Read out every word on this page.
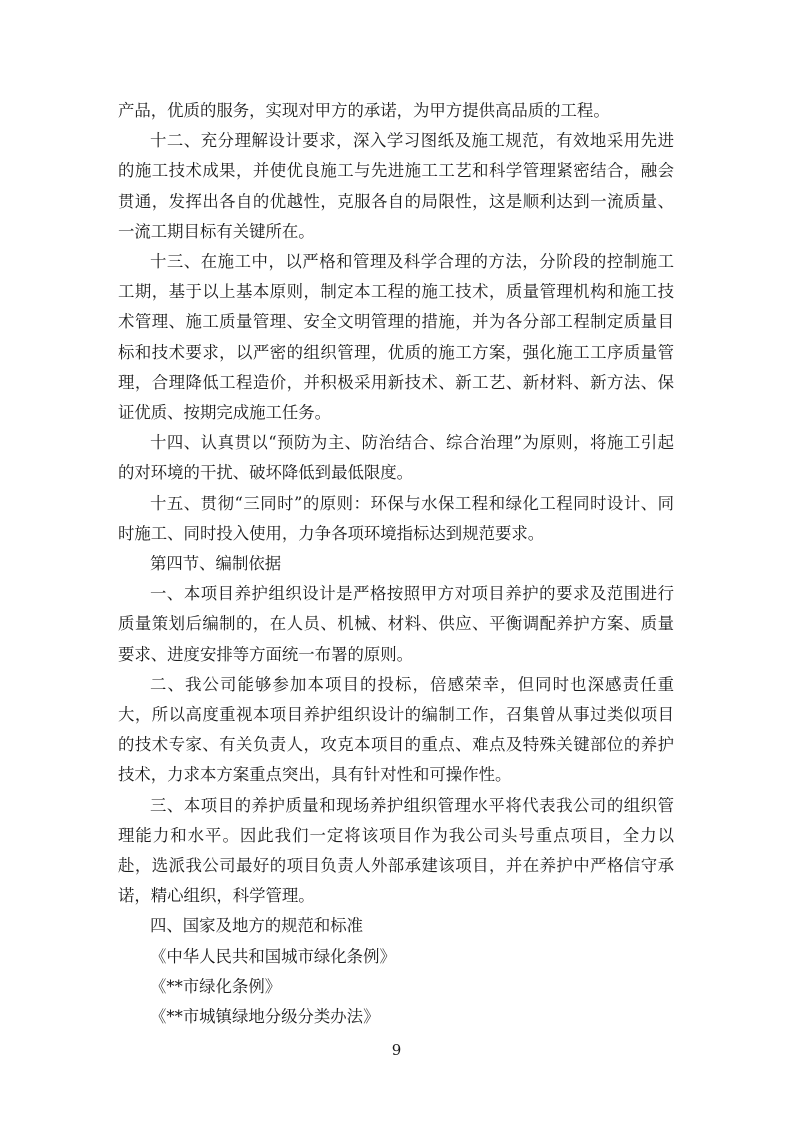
产品，优质的服务，实现对甲方的承诺，为甲方提供高品质的工程。

十二、充分理解设计要求，深入学习图纸及施工规范，有效地采用先进的施工技术成果，并使优良施工与先进施工工艺和科学管理紧密结合，融会贯通，发挥出各自的优越性，克服各自的局限性，这是顺利达到一流质量、一流工期目标有关键所在。

十三、在施工中，以严格和管理及科学合理的方法，分阶段的控制施工工期，基于以上基本原则，制定本工程的施工技术，质量管理机构和施工技术管理、施工质量管理、安全文明管理的措施，并为各分部工程制定质量目标和技术要求，以严密的组织管理，优质的施工方案，强化施工工序质量管理，合理降低工程造价，并积极采用新技术、新工艺、新材料、新方法、保证优质、按期完成施工任务。

十四、认真贯以“预防为主、防治结合、综合治理”为原则，将施工引起的对环境的干扰、破坏降低到最低限度。

十五、贯彻“三同时”的原则：环保与水保工程和绿化工程同时设计、同时施工、同时投入使用，力争各项环境指标达到规范要求。

第四节、编制依据

一、本项目养护组织设计是严格按照甲方对项目养护的要求及范围进行质量策划后编制的，在人员、机械、材料、供应、平衡调配养护方案、质量要求、进度安排等方面统一布署的原则。

二、我公司能够参加本项目的投标，倍感荣幸，但同时也深感责任重大，所以高度重视本项目养护组织设计的编制工作，召集曾从事过类似项目的技术专家、有关负责人，攻克本项目的重点、难点及特殊关键部位的养护技术，力求本方案重点突出，具有针对性和可操作性。

三、本项目的养护质量和现场养护组织管理水平将代表我公司的组织管理能力和水平。因此我们一定将该项目作为我公司头号重点项目，全力以赴，选派我公司最好的项目负责人外部承建该项目，并在养护中严格信守承诺，精心组织，科学管理。

四、国家及地方的规范和标准

《中华人民共和国城市绿化条例》

《**市绿化条例》

《**市城镇绿地分级分类办法》

9
